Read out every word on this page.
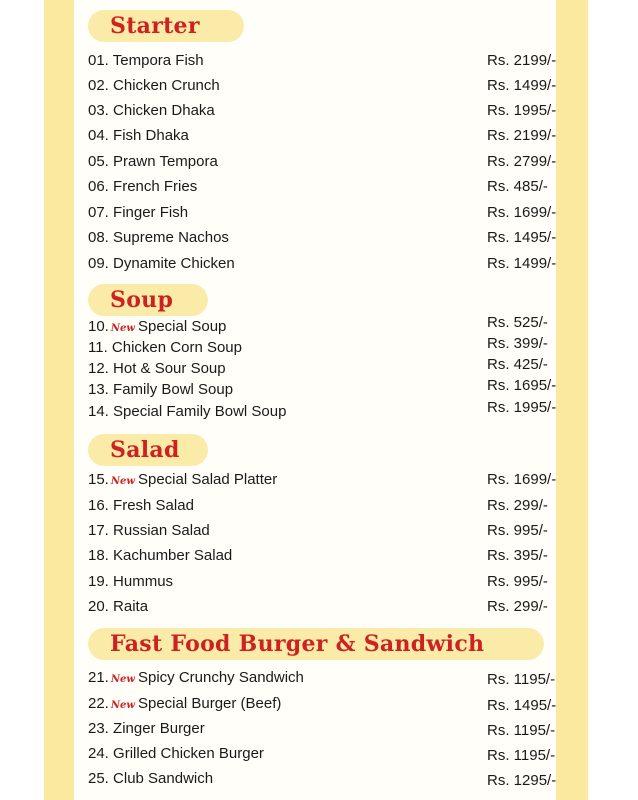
Starter
01. Tempora Fish	Rs. 2199/-
02. Chicken Crunch	Rs. 1499/-
03. Chicken Dhaka	Rs. 1995/-
04. Fish Dhaka	Rs. 2199/-
05. Prawn Tempora	Rs. 2799/-
06. French Fries	Rs. 485/-
07. Finger Fish	Rs. 1699/-
08. Supreme Nachos	Rs. 1495/-
09. Dynamite Chicken	Rs. 1499/-
Soup
10. New Special Soup	Rs. 525/-
11. Chicken Corn Soup	Rs. 399/-
12. Hot & Sour Soup	Rs. 425/-
13. Family Bowl Soup	Rs. 1695/-
14. Special Family Bowl Soup	Rs. 1995/-
Salad
15. New Special Salad Platter	Rs. 1699/-
16. Fresh Salad	Rs. 299/-
17. Russian Salad	Rs. 995/-
18. Kachumber Salad	Rs. 395/-
19. Hummus	Rs. 995/-
20. Raita	Rs. 299/-
Fast Food Burger & Sandwich
21. New Spicy Crunchy Sandwich	Rs. 1195/-
22. New Special Burger (Beef)	Rs. 1495/-
23. Zinger Burger	Rs. 1195/-
24. Grilled Chicken Burger	Rs. 1195/-
25. Club Sandwich	Rs. 1295/-
